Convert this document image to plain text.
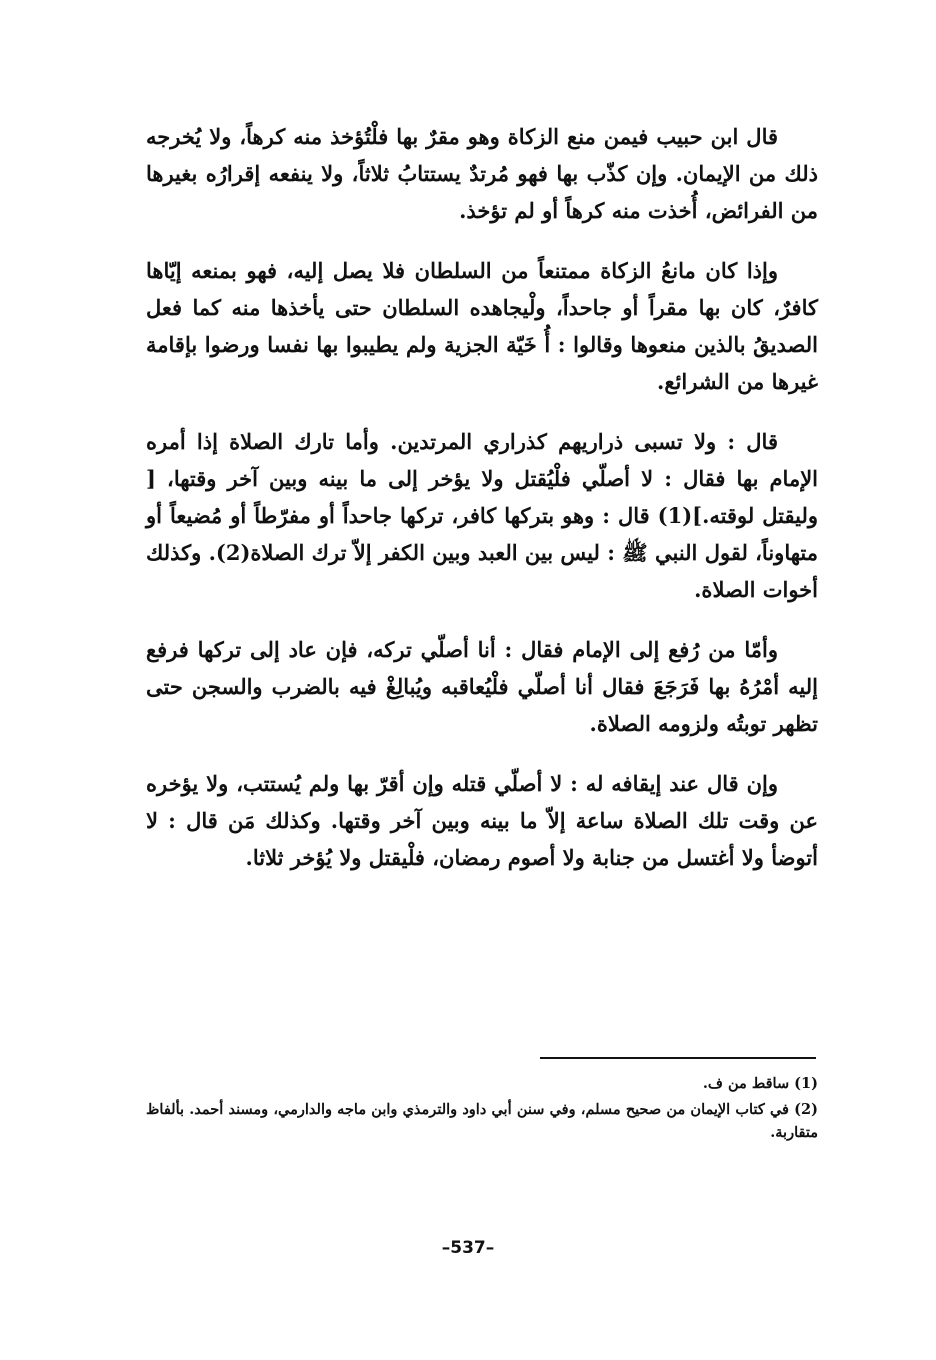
قال ابن حبيب فيمن منع الزكاة وهو مقرٌ بها فلْتُؤخذ منه كرهاً، ولا يُخرجه ذلك من الإيمان. وإن كذّب بها فهو مُرتدٌ يستتابُ ثلاثاً، ولا ينفعه إقرارُه بغيرها من الفرائض، أُخذت منه كرهاً أو لم تؤخذ.

وإذا كان مانعُ الزكاة ممتنعاً من السلطان فلا يصل إليه، فهو بمنعه إيّاها كافرٌ، كان بها مقراً أو جاحداً، ولْيجاهده السلطان حتى يأخذها منه كما فعل الصديقُ بالذين منعوها وقالوا : أُ خَيّة الجزية ولم يطيبوا بها نفسا ورضوا بإقامة غيرها من الشرائع.

قال : ولا تسبى ذراريهم كذراري المرتدين. وأما تارك الصلاة إذا أمره الإمام بها فقال : لا أصلّي فلْيُقتل ولا يؤخر إلى ما بينه وبين آخر وقتها، [ وليقتل لوقته.](1) قال : وهو بتركها كافر، تركها جاحداً أو مفرّطاً أو مُضيعاً أو متهاوناً، لقول النبي ﷺ : ليس بين العبد وبين الكفر إلاّ ترك الصلاة(2). وكذلك أخوات الصلاة.

وأمّا من رُفع إلى الإمام فقال : أنا أصلّي تركه، فإن عاد إلى تركها فرفع إليه أمْرُهُ بها فَرَجَعَ فقال أنا أصلّي فلْيُعاقبه ويُبالِغْ فيه بالضرب والسجن حتى تظهر توبتُه ولزومه الصلاة.

وإن قال عند إيقافه له : لا أصلّي قتله وإن أقرّ بها ولم يُستتب، ولا يؤخره عن وقت تلك الصلاة ساعة إلاّ ما بينه وبين آخر وقتها. وكذلك مَن قال : لا أتوضأ ولا أغتسل من جنابة ولا أصوم رمضان، فلْيقتل ولا يُؤخر ثلاثا.

(1) ساقط من ف.

(2) في كتاب الإيمان من صحيح مسلم، وفي سنن أبي داود والترمذي وابن ماجه والدارمي، ومسند أحمد. بألفاظ متقاربة.

–537–
